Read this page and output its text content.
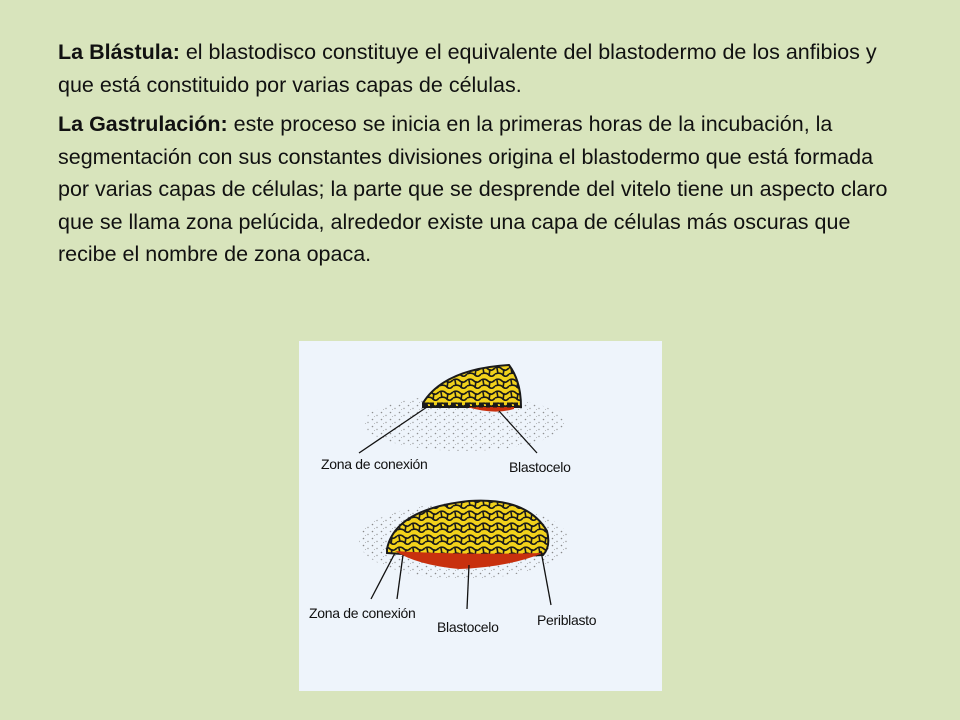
La Blástula: el blastodisco constituye el equivalente del blastodermo de los anfibios y que está constituido por varias capas de células.

La Gastrulación: este proceso se inicia en la primeras horas de la incubación, la segmentación con sus constantes divisiones origina el blastodermo que está formada por varias capas de células; la parte que se desprende del vitelo tiene un aspecto claro que se llama zona pelúcida, alrededor existe una capa de células más oscuras que recibe el nombre de zona opaca.

Zona de conexión	Blastocelo
Zona de conexión
Blastocelo	Periblasto
